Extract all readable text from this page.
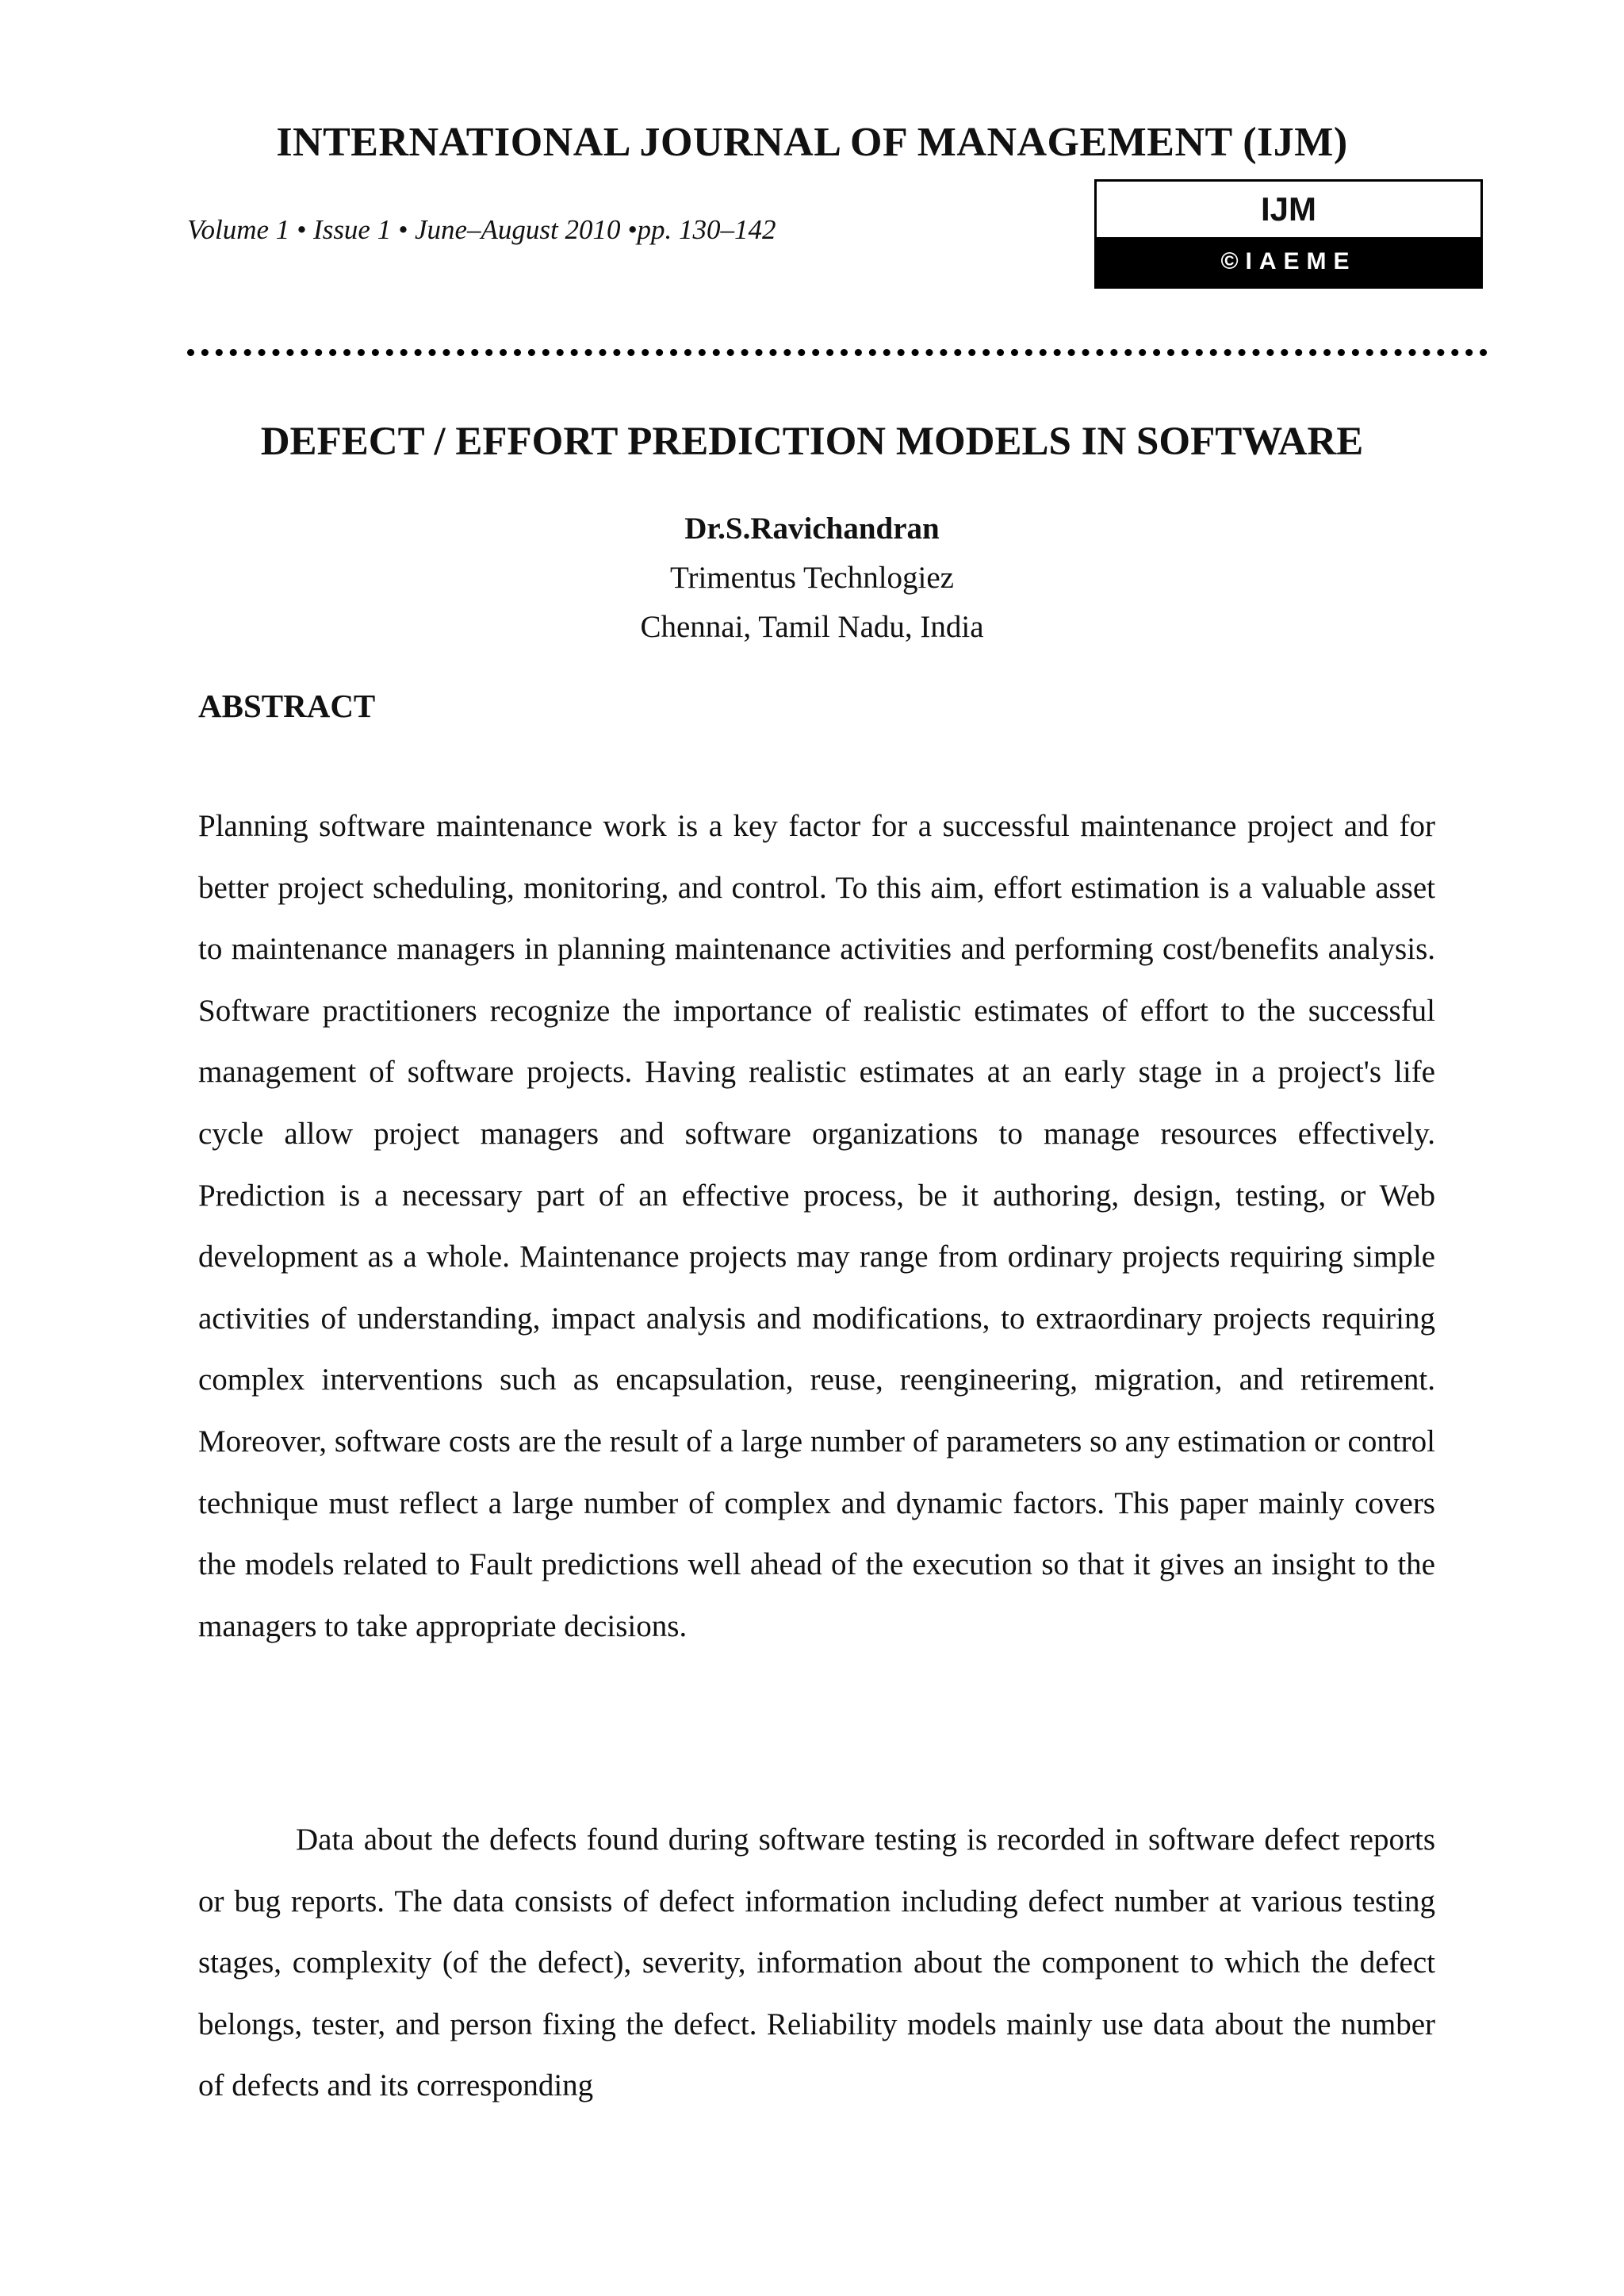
INTERNATIONAL JOURNAL OF MANAGEMENT (IJM)

Volume 1 • Issue 1 • June–August 2010 •pp. 130–142

IJM
©IAEME
DEFECT / EFFORT PREDICTION MODELS IN SOFTWARE
Dr.S.Ravichandran
Trimentus Technlogiez
Chennai, Tamil Nadu, India
ABSTRACT

Planning software maintenance work is a key factor for a successful maintenance project and for better project scheduling, monitoring, and control. To this aim, effort estimation is a valuable asset to maintenance managers in planning maintenance activities and performing cost/benefits analysis. Software practitioners recognize the importance of realistic estimates of effort to the successful management of software projects. Having realistic estimates at an early stage in a project's life cycle allow project managers and software organizations to manage resources effectively. Prediction is a necessary part of an effective process, be it authoring, design, testing, or Web development as a whole. Maintenance projects may range from ordinary projects requiring simple activities of understanding, impact analysis and modifications, to extraordinary projects requiring complex interventions such as encapsulation, reuse, reengineering, migration, and retirement. Moreover, software costs are the result of a large number of parameters so any estimation or control technique must reflect a large number of complex and dynamic factors. This paper mainly covers the models related to Fault predictions well ahead of the execution so that it gives an insight to the managers to take appropriate decisions.

Data about the defects found during software testing is recorded in software defect reports or bug reports. The data consists of defect information including defect number at various testing stages, complexity (of the defect), severity, information about the component to which the defect belongs, tester, and person fixing the defect. Reliability models mainly use data about the number of defects and its corresponding
